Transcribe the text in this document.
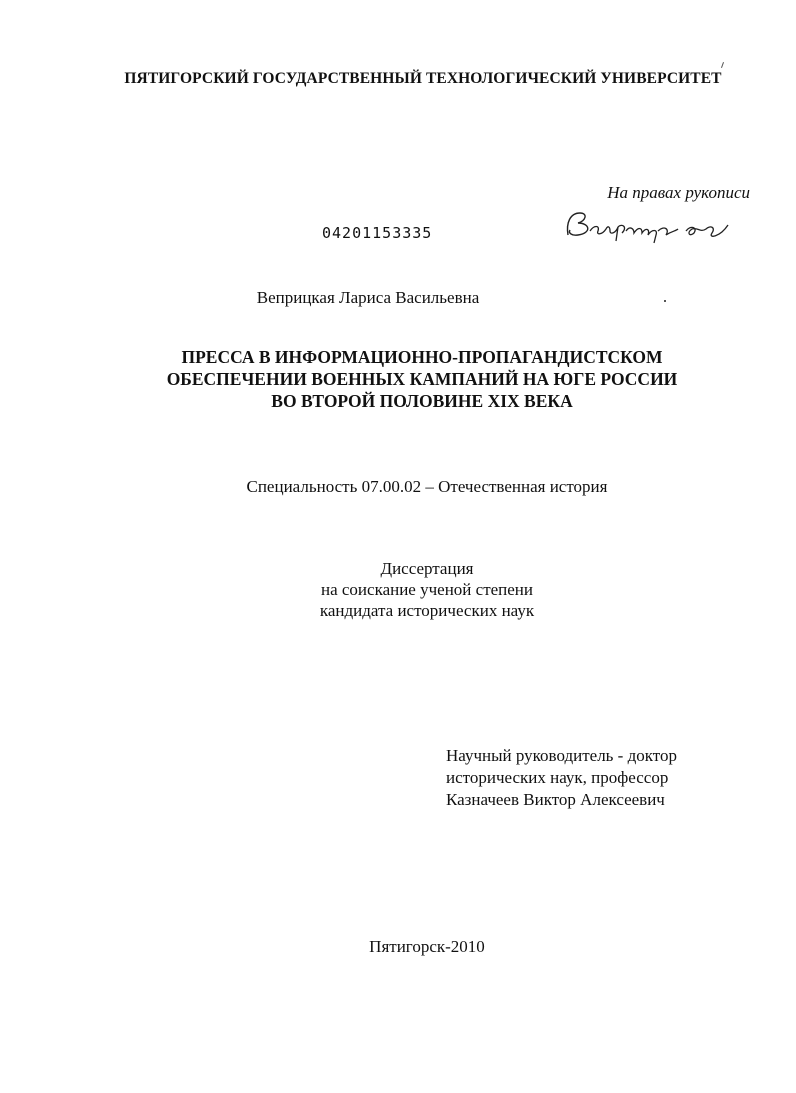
ПЯТИГОРСКИЙ ГОСУДАРСТВЕННЫЙ ТЕХНОЛОГИЧЕСКИЙ УНИВЕРСИТЕТ
На правах рукописи
04201153335
Веприцкая Лариса Васильевна
ПРЕССА В ИНФОРМАЦИОННО-ПРОПАГАНДИСТСКОМ
ОБЕСПЕЧЕНИИ ВОЕННЫХ КАМПАНИЙ НА ЮГЕ РОССИИ
ВО ВТОРОЙ ПОЛОВИНЕ XIX ВЕКА
Специальность 07.00.02 – Отечественная история
Диссертация
на соискание ученой степени
кандидата исторических наук
Научный руководитель - доктор
исторических наук, профессор
Казначеев Виктор Алексеевич
Пятигорск-2010
